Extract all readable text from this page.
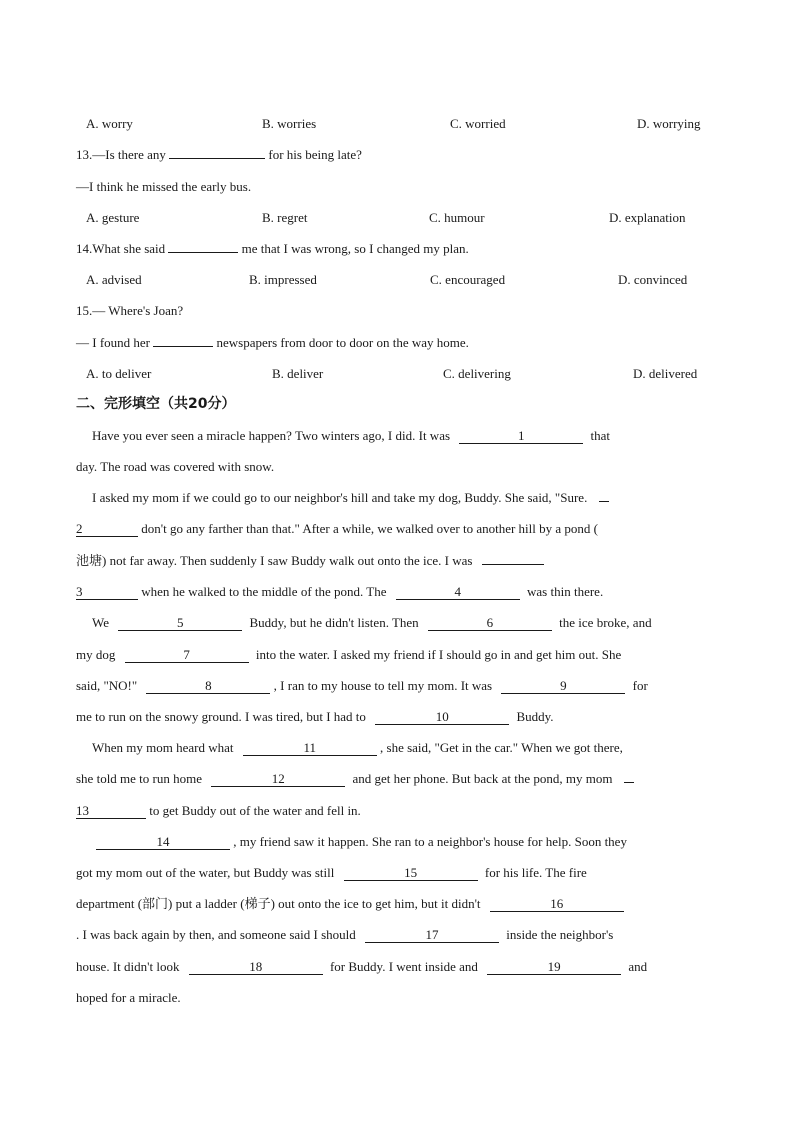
A. worry	B. worries	C. worried	D. worrying
13.—Is there any	for his being late?
—I think he missed the early bus.
A. gesture	B. regret	C. humour	D. explanation
14.What she said	me that I was wrong, so I changed my plan.
A. advised	B. impressed	C. encouraged	D. convinced
15.— Where's Joan?
— I found her	newspapers from door to door on the way home.
A. to deliver	B. deliver	C. delivering	D. delivered
二、完形填空（共20分）
Have you ever seen a miracle happen? Two winters ago, I did. It was	1	that
day. The road was covered with snow.
I asked my mom if we could go to our neighbor's hill and take my dog, Buddy. She said, "Sure.
2	don't go any farther than that." After a while, we walked over to another hill by a pond (
池塘) not far away. Then suddenly I saw Buddy walk out onto the ice. I was
3	when he walked to the middle of the pond. The	4	was thin there.
We	5	Buddy, but he didn't listen. Then	6	the ice broke, and
my dog	7	into the water. I asked my friend if I should go in and get him out. She
said, "NO!"	8	, I ran to my house to tell my mom. It was	9	for
me to run on the snowy ground. I was tired, but I had to	10	Buddy.
When my mom heard what	11	, she said, "Get in the car." When we got there,
she told me to run home	12	and get her phone. But back at the pond, my mom
13	to get Buddy out of the water and fell in.
14	, my friend saw it happen. She ran to a neighbor's house for help. Soon they
got my mom out of the water, but Buddy was still	15	for his life. The fire
department (部门) put a ladder (梯子) out onto the ice to get him, but it didn't	16
. I was back again by then, and someone said I should	17	inside the neighbor's
house. It didn't look	18	for Buddy. I went inside and	19	and
hoped for a miracle.
